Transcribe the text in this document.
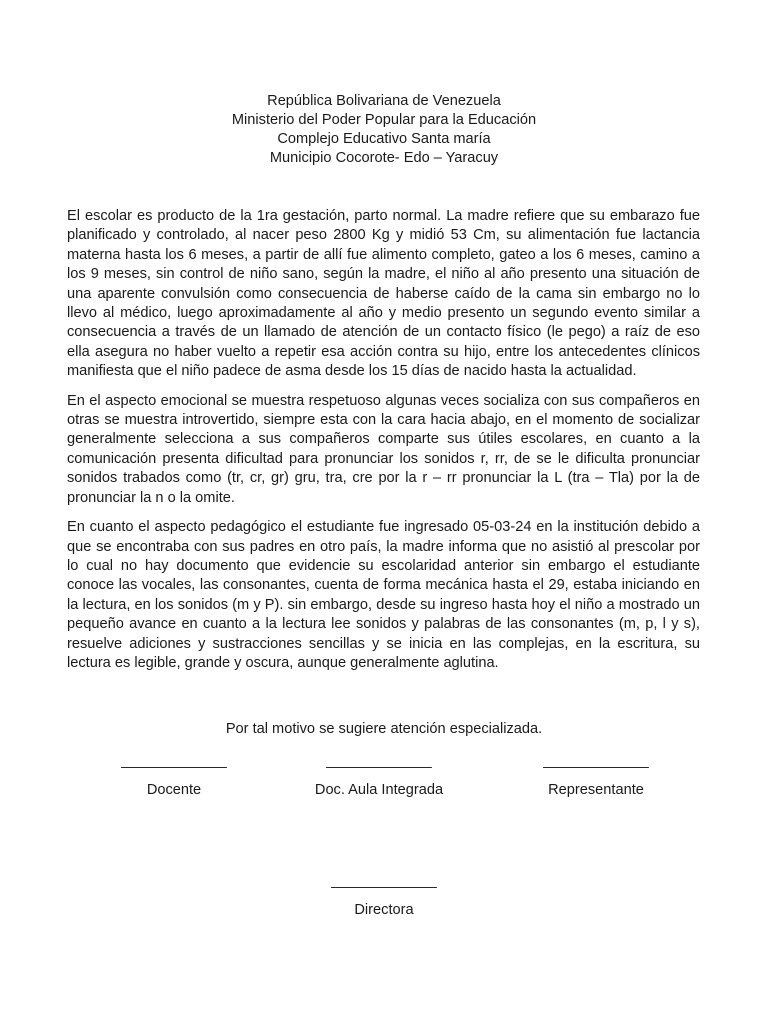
República Bolivariana de Venezuela
Ministerio del Poder Popular para la Educación
Complejo Educativo Santa maría
Municipio Cocorote- Edo – Yaracuy

El escolar es producto de la 1ra gestación, parto normal. La madre refiere que su embarazo fue planificado y controlado, al nacer peso 2800 Kg y midió 53 Cm, su alimentación fue lactancia materna hasta los 6 meses, a partir de allí fue alimento completo, gateo a los 6 meses, camino a los 9 meses, sin control de niño sano, según la madre, el niño al año presento una situación de una aparente convulsión como consecuencia de haberse caído de la cama sin embargo no lo llevo al médico, luego aproximadamente al año y medio presento un segundo evento similar a consecuencia a través de un llamado de atención de un contacto físico (le pego) a raíz de eso ella asegura no haber vuelto a repetir esa acción contra su hijo, entre los antecedentes clínicos manifiesta que el niño padece de asma desde los 15 días de nacido hasta la actualidad.

En el aspecto emocional se muestra respetuoso algunas veces socializa con sus compañeros en otras se muestra introvertido, siempre esta con la cara hacia abajo, en el momento de socializar generalmente selecciona a sus compañeros comparte sus útiles escolares, en cuanto a la comunicación presenta dificultad para pronunciar los sonidos r, rr, de se le dificulta pronunciar sonidos trabados como (tr, cr, gr) gru, tra, cre por la r – rr pronunciar la L (tra – Tla) por la de pronunciar la n o la omite.

En cuanto el aspecto pedagógico el estudiante fue ingresado 05-03-24 en la institución debido a que se encontraba con sus padres en otro país, la madre informa que no asistió al prescolar por lo cual no hay documento que evidencie su escolaridad anterior sin embargo el estudiante conoce las vocales, las consonantes, cuenta de forma mecánica hasta el 29, estaba iniciando en la lectura, en los sonidos (m y P). sin embargo, desde su ingreso hasta hoy el niño a mostrado un pequeño avance en cuanto a la lectura lee sonidos y palabras de las consonantes (m, p, l y s), resuelve adiciones y sustracciones sencillas y se inicia en las complejas, en la escritura, su lectura es legible, grande y oscura, aunque generalmente aglutina.

Por tal motivo se sugiere atención especializada.
_____________
Docente
_____________
Doc. Aula Integrada
_____________
Representante
_____________
Directora
